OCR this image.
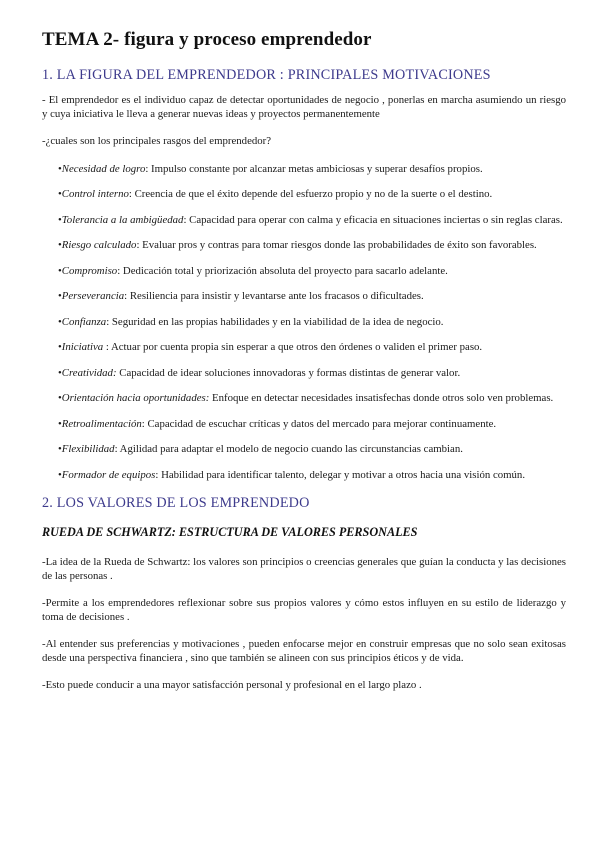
TEMA 2- figura y proceso emprendedor
1. LA FIGURA DEL EMPRENDEDOR : PRINCIPALES MOTIVACIONES

- El emprendedor es el individuo capaz de detectar oportunidades de negocio , ponerlas en marcha asumiendo un riesgo y cuya iniciativa le lleva a generar nuevas ideas y proyectos permanentemente

-¿cuales son los principales rasgos del emprendedor?

•Necesidad de logro: Impulso constante por alcanzar metas ambiciosas y superar desafíos propios.
•Control interno: Creencia de que el éxito depende del esfuerzo propio y no de la suerte o el destino.
•Tolerancia a la ambigüedad: Capacidad para operar con calma y eficacia en situaciones inciertas o sin reglas claras.
•Riesgo calculado: Evaluar pros y contras para tomar riesgos donde las probabilidades de éxito son favorables.
•Compromiso: Dedicación total y priorización absoluta del proyecto para sacarlo adelante.
•Perseverancia: Resiliencia para insistir y levantarse ante los fracasos o dificultades.
•Confianza: Seguridad en las propias habilidades y en la viabilidad de la idea de negocio.
•Iniciativa : Actuar por cuenta propia sin esperar a que otros den órdenes o validen el primer paso.
•Creatividad: Capacidad de idear soluciones innovadoras y formas distintas de generar valor.
•Orientación hacia oportunidades: Enfoque en detectar necesidades insatisfechas donde otros solo ven problemas.
•Retroalimentación: Capacidad de escuchar críticas y datos del mercado para mejorar continuamente.
•Flexibilidad: Agilidad para adaptar el modelo de negocio cuando las circunstancias cambian.
•Formador de equipos: Habilidad para identificar talento, delegar y motivar a otros hacia una visión común.
2. LOS VALORES DE LOS EMPRENDEDO
RUEDA DE SCHWARTZ: ESTRUCTURA DE VALORES PERSONALES

-La idea de la Rueda de Schwartz: los valores son principios o creencias generales que guían la conducta y las decisiones de las personas .

-Permite a los emprendedores reflexionar sobre sus propios valores y cómo estos influyen en su estilo de liderazgo y toma de decisiones .

-Al entender sus preferencias y motivaciones , pueden enfocarse mejor en construir empresas que no solo sean exitosas desde una perspectiva financiera , sino que también se alineen con sus principios éticos y de vida.

-Esto puede conducir a una mayor satisfacción personal y profesional en el largo plazo .
